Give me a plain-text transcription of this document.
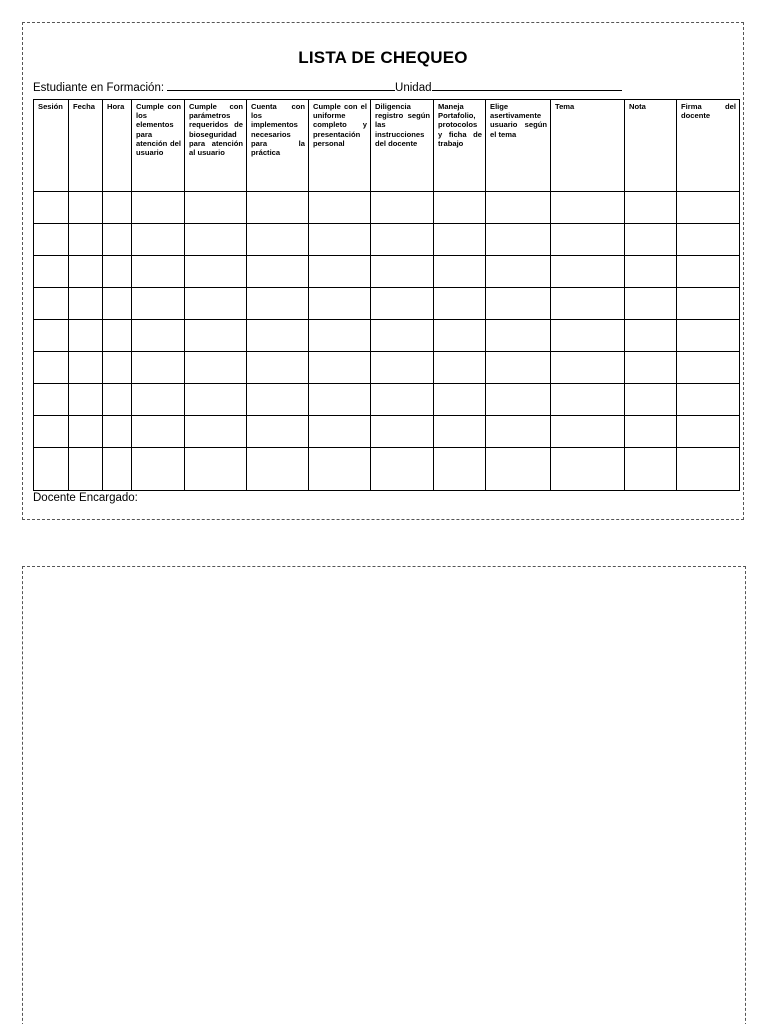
LISTA DE CHEQUEO
Estudiante en Formación:	Unidad
Sesión	Fecha	Hora	Cumple con los elementos para atención del usuario	Cumple con parámetros requeridos de bioseguridad para atención al usuario	Cuenta con los implementos necesarios para la práctica	Cumple con el uniforme completo y presentación personal	Diligencia registro según las instrucciones del docente	Maneja Portafolio, protocolos y ficha de trabajo	Elige asertivamente usuario según el tema	Tema	Nota	Firma del docente

Docente Encargado:
